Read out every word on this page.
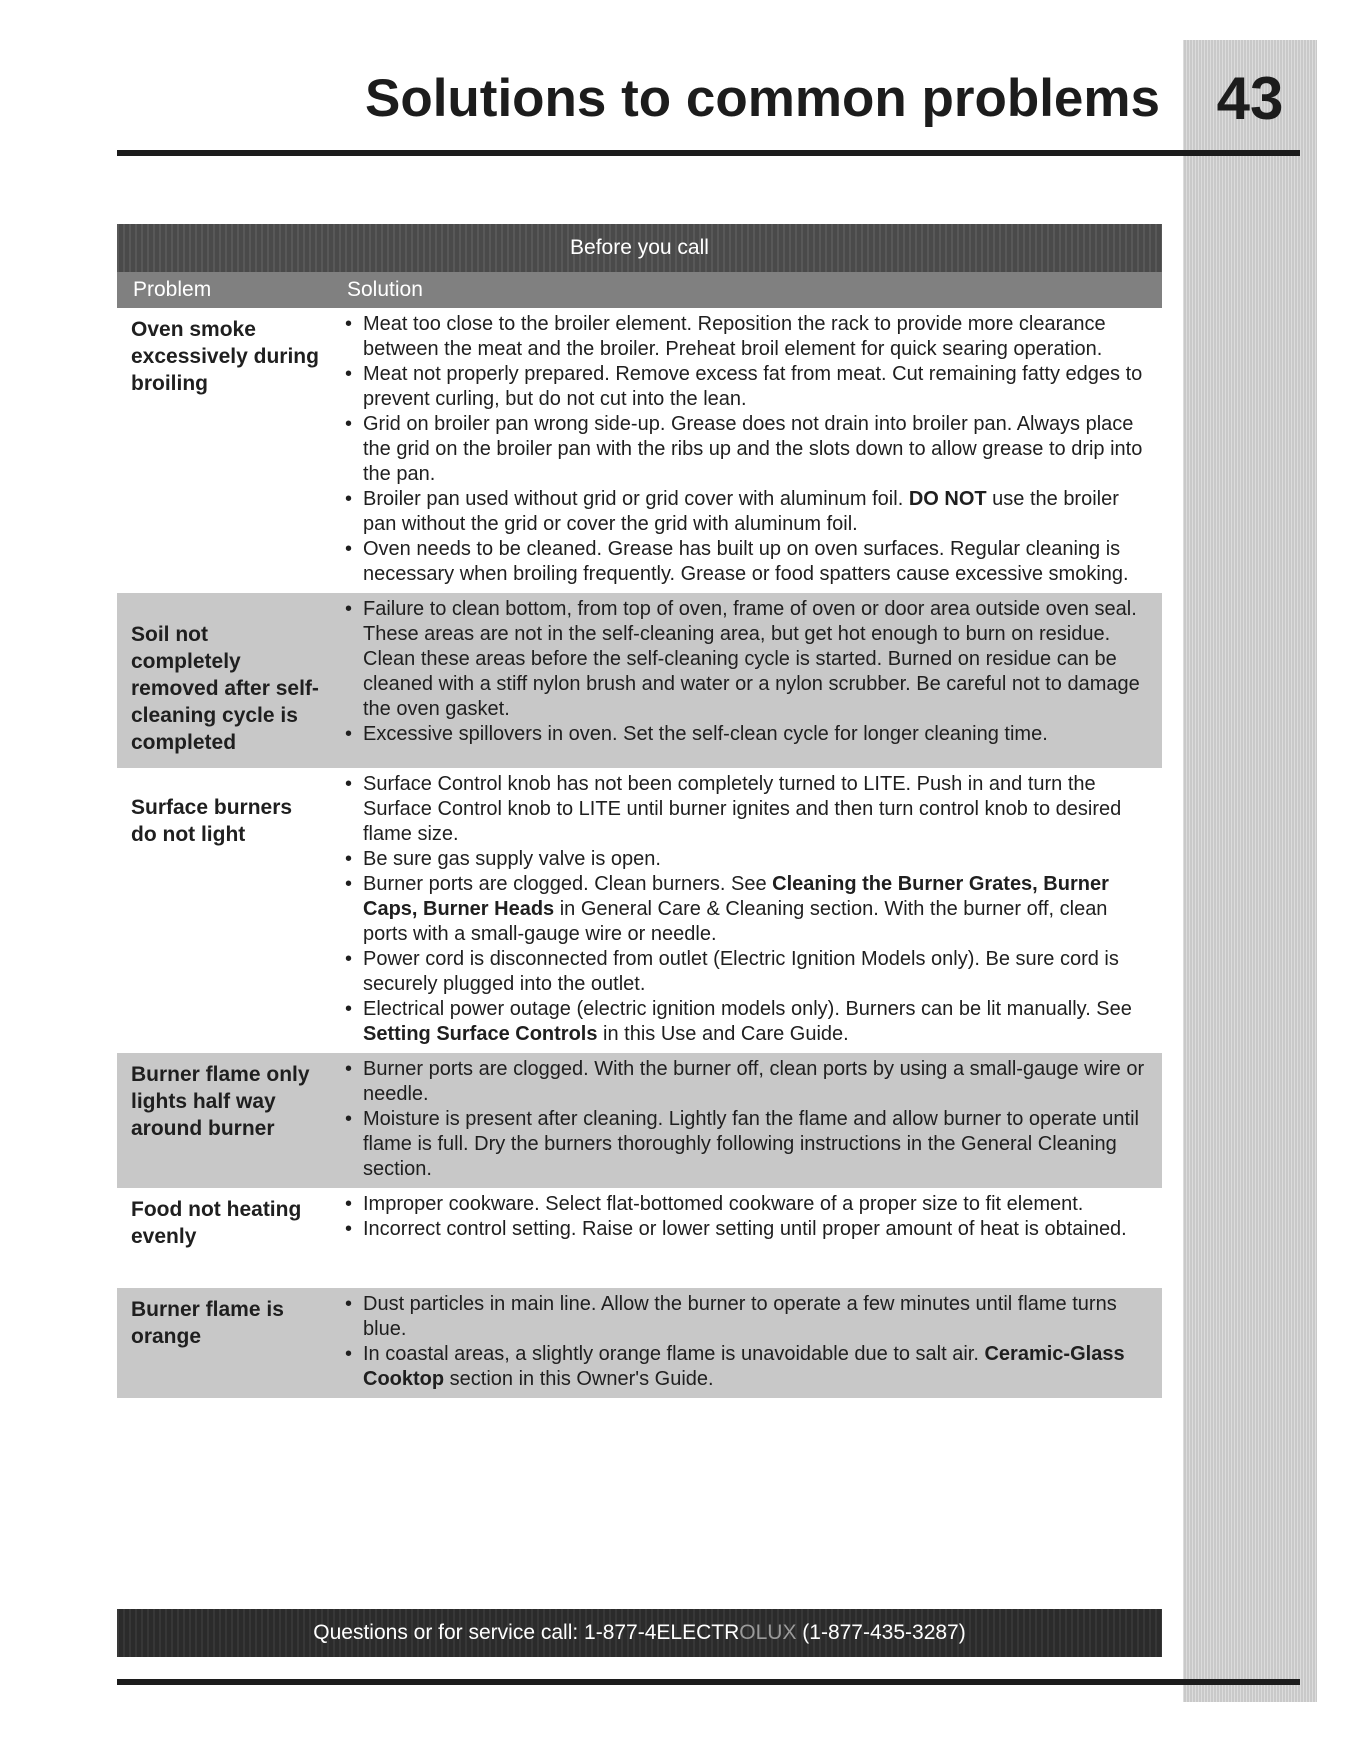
Solutions to common problems 43
Before you call
Problem	Solution
Oven smoke excessively during broiling
• Meat too close to the broiler element. Reposition the rack to provide more clearance between the meat and the broiler. Preheat broil element for quick searing operation.
• Meat not properly prepared. Remove excess fat from meat. Cut remaining fatty edges to prevent curling, but do not cut into the lean.
• Grid on broiler pan wrong side-up. Grease does not drain into broiler pan. Always place the grid on the broiler pan with the ribs up and the slots down to allow grease to drip into the pan.
• Broiler pan used without grid or grid cover with aluminum foil. DO NOT use the broiler pan without the grid or cover the grid with aluminum foil.
• Oven needs to be cleaned. Grease has built up on oven surfaces. Regular cleaning is necessary when broiling frequently. Grease or food spatters cause excessive smoking.
Soil not completely removed after self-cleaning cycle is completed
• Failure to clean bottom, from top of oven, frame of oven or door area outside oven seal. These areas are not in the self-cleaning area, but get hot enough to burn on residue. Clean these areas before the self-cleaning cycle is started. Burned on residue can be cleaned with a stiff nylon brush and water or a nylon scrubber. Be careful not to damage the oven gasket.
• Excessive spillovers in oven. Set the self-clean cycle for longer cleaning time.
Surface burners do not light
• Surface Control knob has not been completely turned to LITE. Push in and turn the Surface Control knob to LITE until burner ignites and then turn control knob to desired flame size.
• Be sure gas supply valve is open.
• Burner ports are clogged. Clean burners. See Cleaning the Burner Grates, Burner Caps, Burner Heads in General Care & Cleaning section. With the burner off, clean ports with a small-gauge wire or needle.
• Power cord is disconnected from outlet (Electric Ignition Models only). Be sure cord is securely plugged into the outlet.
• Electrical power outage (electric ignition models only). Burners can be lit manually. See Setting Surface Controls in this Use and Care Guide.
Burner flame only lights half way around burner
• Burner ports are clogged. With the burner off, clean ports by using a small-gauge wire or needle.
• Moisture is present after cleaning. Lightly fan the flame and allow burner to operate until flame is full. Dry the burners thoroughly following instructions in the General Cleaning section.
Food not heating evenly
• Improper cookware. Select flat-bottomed cookware of a proper size to fit element.
• Incorrect control setting. Raise or lower setting until proper amount of heat is obtained.
Burner flame is orange
• Dust particles in main line. Allow the burner to operate a few minutes until flame turns blue.
• In coastal areas, a slightly orange flame is unavoidable due to salt air. Ceramic-Glass Cooktop section in this Owner's Guide.
Questions or for service call: 1-877-4ELECTROLUX (1-877-435-3287)
